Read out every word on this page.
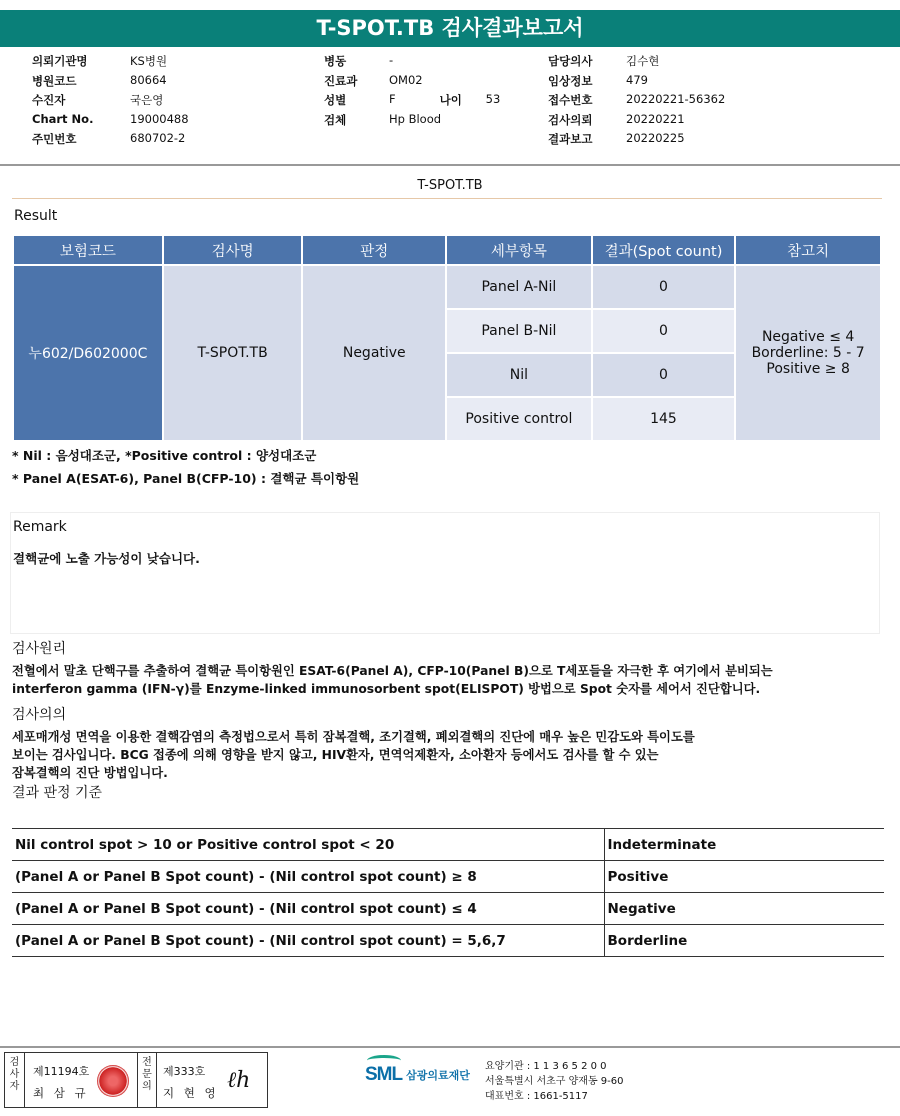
T-SPOT.TB 검사결과보고서
의뢰기관명	KS병원
병원코드	80664
수진자	국은영
Chart No.	19000488
주민번호	680702-2
병동	-
진료과	OM02
성별	F	나이	53
검체	Hp Blood
담당의사	김수현
임상정보	479
접수번호	20220221-56362
검사의뢰	20220221
결과보고	20220225
T-SPOT.TB
Result
보험코드	검사명	판정	세부항목	결과(Spot count)	참고치
누602/D602000C	T-SPOT.TB	Negative	Panel A-Nil	0	Negative ≤ 4
Borderline: 5 - 7
Positive ≥ 8

			Panel B-Nil	0	
			Nil	0	
			Positive control	145	
* Nil : 음성대조군, *Positive control : 양성대조군
* Panel A(ESAT-6), Panel B(CFP-10) : 결핵균 특이항원
Remark
결핵균에 노출 가능성이 낮습니다.
검사원리
전혈에서 말초 단핵구를 추출하여 결핵균 특이항원인 ESAT-6(Panel A), CFP-10(Panel B)으로 T세포들을 자극한 후 여기에서 분비되는
interferon gamma (IFN-γ)를 Enzyme-linked immunosorbent spot(ELISPOT) 방법으로 Spot 숫자를 세어서 진단합니다.
검사의의
세포매개성 면역을 이용한 결핵감염의 측정법으로서 특히 잠복결핵, 조기결핵, 폐외결핵의 진단에 매우 높은 민감도와 특이도를
보이는 검사입니다. BCG 접종에 의해 영향을 받지 않고, HIV환자, 면역억제환자, 소아환자 등에서도 검사를 할 수 있는
잠복결핵의 진단 방법입니다.
결과 판정 기준
Nil control spot > 10 or Positive control spot < 20	Indeterminate
(Panel A or Panel B Spot count) - (Nil control spot count) ≥ 8	Positive
(Panel A or Panel B Spot count) - (Nil control spot count) ≤ 4	Negative
(Panel A or Panel B Spot count) - (Nil control spot count) = 5,6,7	Borderline
검사자
제11194호
최 삼 규
전문의
제333호
지 현 영 ℓh	SML 삼광의료재단
요양기관 : 1 1 3 6 5 2 0 0
서울특별시 서초구 양재동 9-60
대표번호 : 1661-5117
